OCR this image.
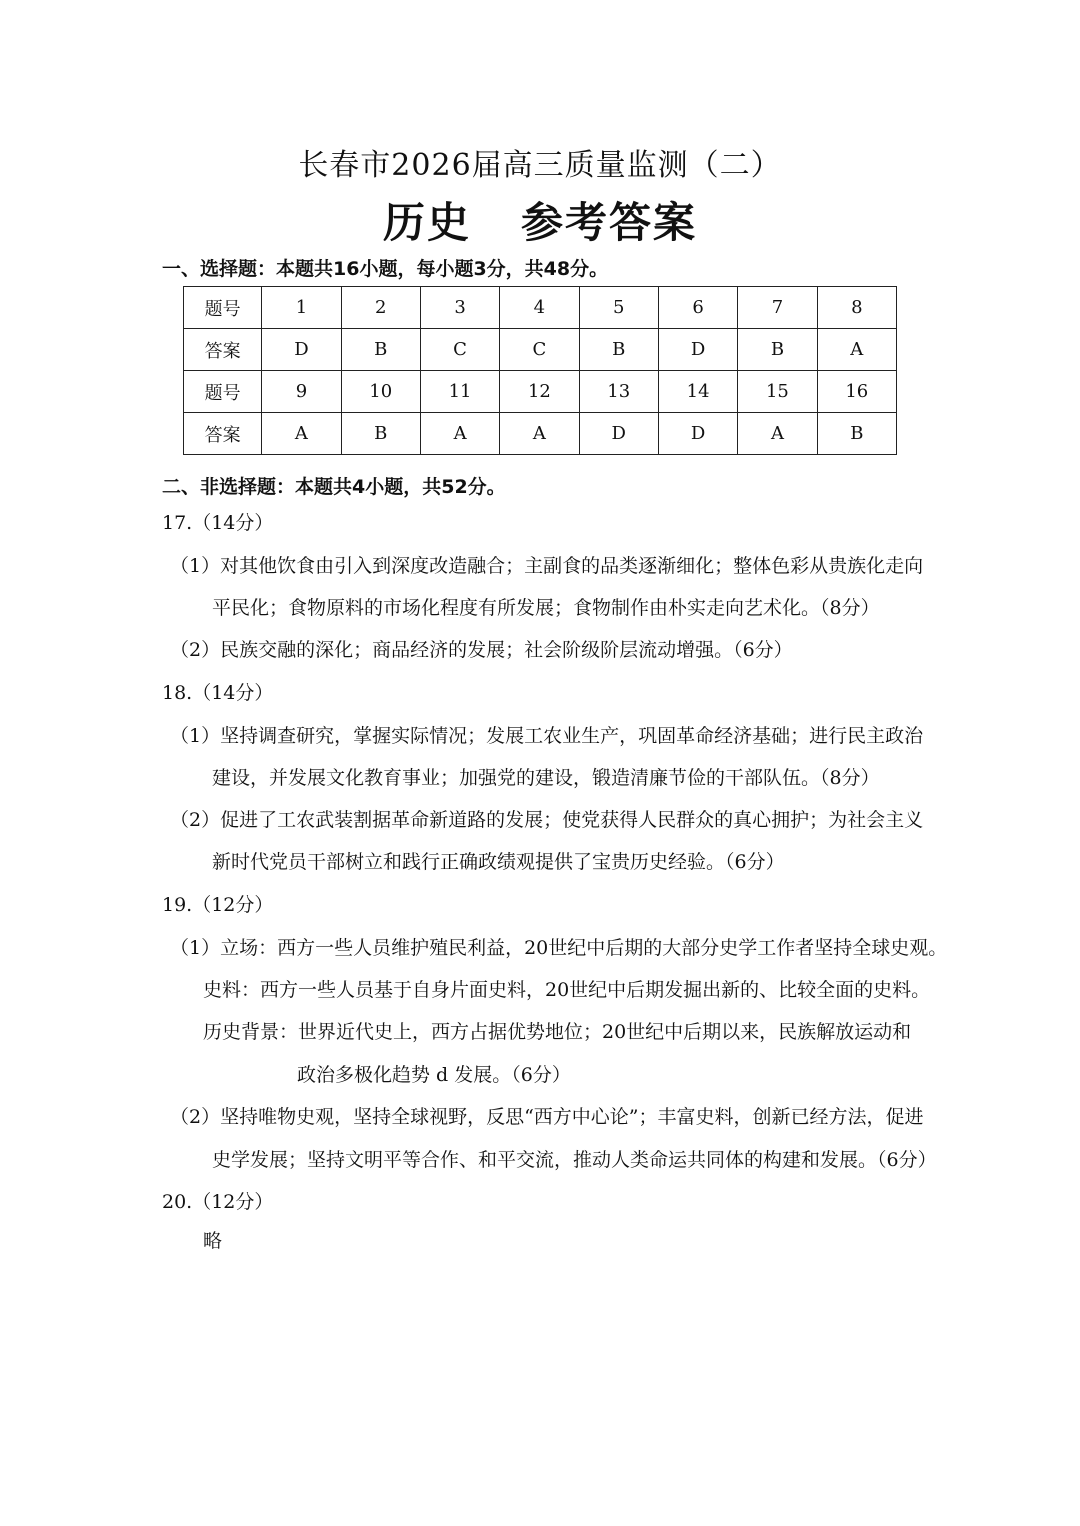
长春市2026届高三质量监测（二）
历史 参考答案
一、选择题：本题共16小题，每小题3分，共48分。
题号	1	2	3	4	5	6	7	8
答案	D	B	C	C	B	D	B	A
题号	9	10	11	12	13	14	15	16
答案	A	B	A	A	D	D	A	B
二、非选择题：本题共4小题，共52分。
17.（14分）
（1）对其他饮食由引入到深度改造融合；主副食的品类逐渐细化；整体色彩从贵族化走向
平民化；食物原料的市场化程度有所发展；食物制作由朴实走向艺术化。（8分）
（2）民族交融的深化；商品经济的发展；社会阶级阶层流动增强。（6分）
18.（14分）
（1）坚持调查研究，掌握实际情况；发展工农业生产，巩固革命经济基础；进行民主政治
建设，并发展文化教育事业；加强党的建设，锻造清廉节俭的干部队伍。（8分）
（2）促进了工农武装割据革命新道路的发展；使党获得人民群众的真心拥护；为社会主义
新时代党员干部树立和践行正确政绩观提供了宝贵历史经验。（6分）
19.（12分）
（1）立场：西方一些人员维护殖民利益，20世纪中后期的大部分史学工作者坚持全球史观。
史料：西方一些人员基于自身片面史料，20世纪中后期发掘出新的、比较全面的史料。
历史背景：世界近代史上，西方占据优势地位；20世纪中后期以来，民族解放运动和
政治多极化趋势 d 发展。（6分）
（2）坚持唯物史观，坚持全球视野，反思“西方中心论”；丰富史料，创新已经方法，促进
史学发展；坚持文明平等合作、和平交流，推动人类命运共同体的构建和发展。（6分）
20.（12分）
略
